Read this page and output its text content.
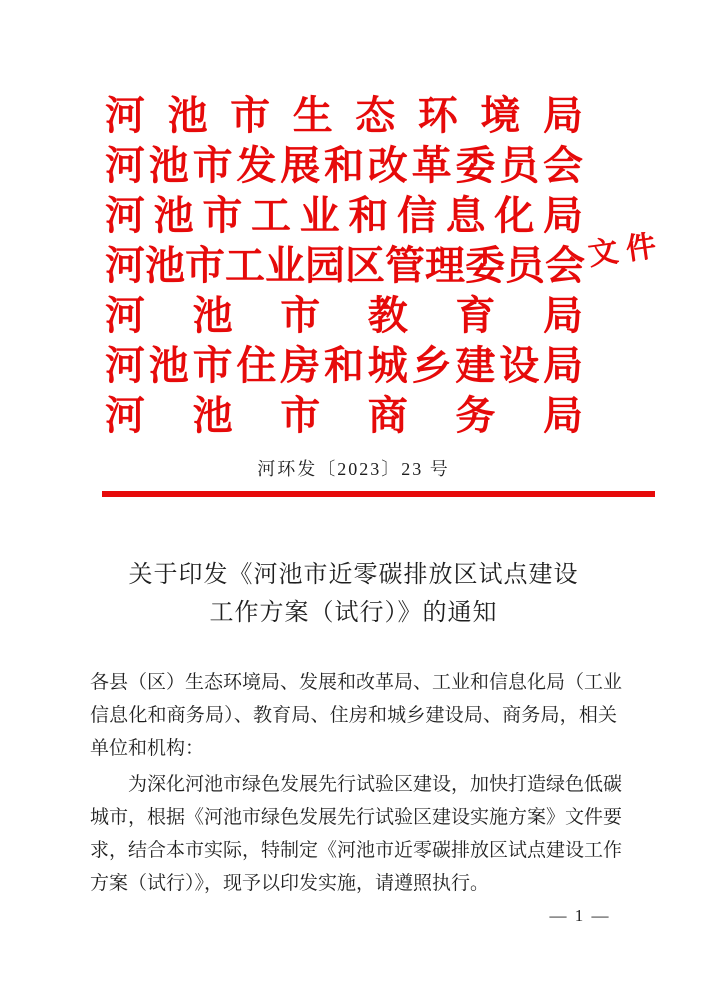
河池市生态环境局
河池市发展和改革委员会
河池市工业和信息化局
河池市工业园区管理委员会
河池市教育局
河池市住房和城乡建设局
河池市商务局
文件
河环发〔2023〕23 号
关于印发《河池市近零碳排放区试点建设
工作方案（试行）》的通知
各县（区）生态环境局、发展和改革局、工业和信息化局（工业
信息化和商务局）、教育局、住房和城乡建设局、商务局，相关
单位和机构：
为深化河池市绿色发展先行试验区建设，加快打造绿色低碳
城市，根据《河池市绿色发展先行试验区建设实施方案》文件要
求，结合本市实际，特制定《河池市近零碳排放区试点建设工作
方案（试行）》，现予以印发实施，请遵照执行。
— 1 —
